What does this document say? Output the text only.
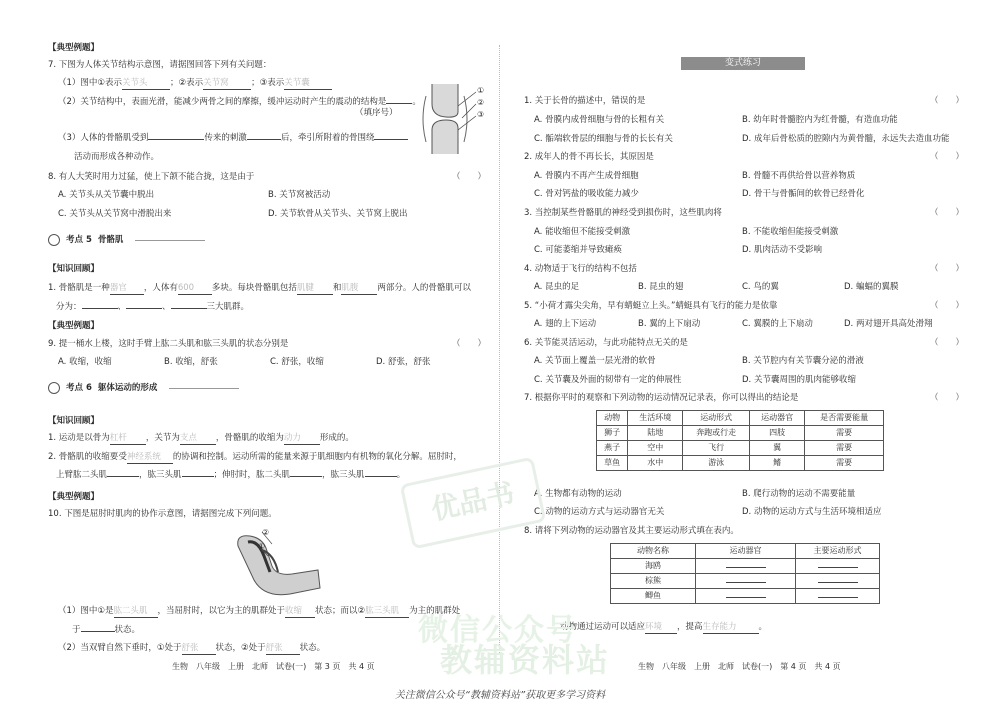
【典型例题】
7. 下图为人体关节结构示意图，请据图回答下列有关问题：
（1）图中①表示关节头	；②表示关节窝	；③表示关节囊
（2）关节结构中，表面光滑，能减少两骨之间的摩擦，缓冲运动时产生的震动的结构是	。
（填序号）
（3）人体的骨骼肌受到	传来的刺激	后，牵引所附着的骨围绕
活动而形成各种动作。
①
②
③
8. 有人大笑时用力过猛，使上下颌不能合拢，这是由于	（　　）
A. 关节头从关节囊中脱出	B. 关节窝被活动
C. 关节头从关节窝中滑脱出来	D. 关节软骨从关节头、关节窝上脱出
考点 5 骨骼肌
【知识回顾】
1. 骨骼肌是一种器官 ，人体有600 多块。每块骨骼肌包括肌腱 和肌腹 两部分。人的骨骼肌可以
分为：	、	、	三大肌群。
【典型例题】
9. 提一桶水上楼，这时手臂上肱二头肌和肱三头肌的状态分别是	（　　）
A. 收缩，收缩	B. 收缩，舒张	C. 舒张，收缩	D. 舒张，舒张
考点 6 躯体运动的形成
【知识回顾】
1. 运动是以骨为杠杆 ，关节为支点 ，骨骼肌的收缩为动力 形成的。
2. 骨骼肌的收缩要受神经系统 的协调和控制。运动所需的能量来源于肌细胞内有机物的氧化分解。屈肘时，
上臂肱二头肌	，肱三头肌	；伸肘时，肱二头肌	，肱三头肌	。
【典型例题】
10. 下图是屈肘时肌肉的协作示意图，请据图完成下列问题。
②
①
（1）图中①是肱二头肌 ，当屈肘时，以它为主的肌群处于收缩 状态；而以②肱三头肌 为主的肌群处
于	状态。
（2）当双臂自然下垂时，①处于舒张 状态，②处于舒张 状态。
生物　八年级　上册　北师　试卷(一)　第 3 页　共 4 页
变式练习
1. 关于长骨的描述中，错误的是	（　　）
A. 骨膜内成骨细胞与骨的长粗有关	B. 幼年时骨髓腔内为红骨髓，有造血功能
C. 骺端软骨层的细胞与骨的长长有关	D. 成年后骨松质的腔隙内为黄骨髓，永远失去造血功能
2. 成年人的骨不再长长，其原因是	（　　）
A. 骨膜内不再产生成骨细胞	B. 骨髓不再供给骨以营养物质
C. 骨对钙盐的吸收能力减少	D. 骨干与骨骺间的软骨已经骨化
3. 当控制某些骨骼肌的神经受到损伤时，这些肌肉将	（　　）
A. 能收缩但不能接受刺激	B. 不能收缩但能接受刺激
C. 可能萎缩并导致瘫痪	D. 肌肉活动不受影响
4. 动物适于飞行的结构不包括	（　　）
A. 昆虫的足	B. 昆虫的翅	C. 鸟的翼	D. 蝙蝠的翼膜
5. “小荷才露尖尖角，早有蜻蜓立上头。”蜻蜓具有飞行的能力是依靠	（　　）
A. 翅的上下运动	B. 翼的上下扇动	C. 翼膜的上下扇动	D. 两对翅开具高处滑翔
6. 关节能灵活运动，与此功能特点无关的是	（　　）
A. 关节面上覆盖一层光滑的软骨	B. 关节腔内有关节囊分泌的滑液
C. 关节囊及外面的韧带有一定的伸展性	D. 关节囊周围的肌肉能够收缩
7. 根据你平时的观察和下列动物的运动情况记录表，你可以得出的结论是	（　　）
动物	生活环境	运动形式	运动器官	是否需要能量
狮子	陆地	奔跑或行走	四肢	需要
燕子	空中	飞行	翼	需要
草鱼	水中	游泳	鳍	需要
A. 生物都有动物的运动	B. 爬行动物的运动不需要能量
C. 动物的运动方式与运动器官无关	D. 动物的运动方式与生活环境相适应
8. 请将下列动物的运动器官及其主要运动形式填在表内。
动物名称	运动器官	主要运动形式
海鸥		
棕熊		
鲫鱼		
动物通过运动可以适应环境 ，提高生存能力	。
生物　八年级　上册　北师　试卷(一)　第 4 页　共 4 页
优品书
微信公众号
教辅资料站
关注微信公众号“教辅资料站”获取更多学习资料
